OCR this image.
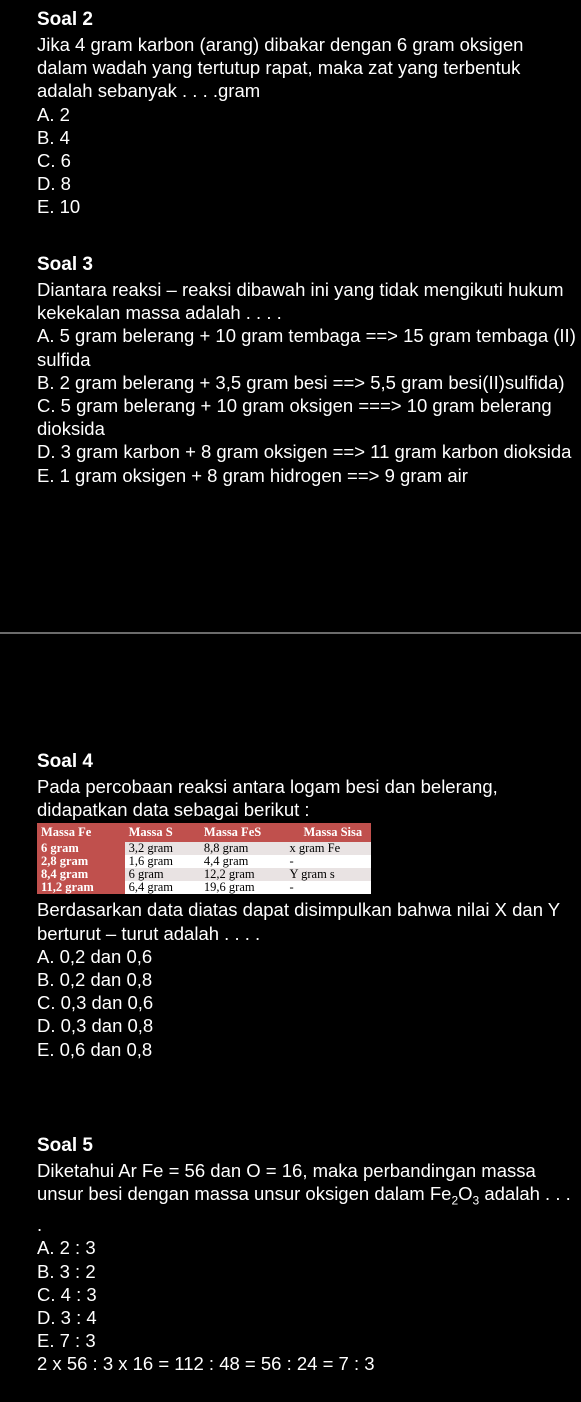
Soal 2

Jika 4 gram karbon (arang) dibakar dengan 6 gram oksigen dalam wadah yang tertutup rapat, maka zat yang terbentuk adalah sebanyak . . . .gram

A. 2

B. 4

C. 6

D. 8

E. 10

Soal 3

Diantara reaksi – reaksi dibawah ini yang tidak mengikuti hukum kekekalan massa adalah . . . .

A. 5 gram belerang + 10 gram tembaga ==> 15 gram tembaga (II) sulfida

B. 2 gram belerang + 3,5 gram besi ==> 5,5 gram besi(II)sulfida)

C. 5 gram belerang + 10 gram oksigen ===> 10 gram belerang dioksida

D. 3 gram karbon + 8 gram oksigen ==> 11 gram karbon dioksida

E. 1 gram oksigen + 8 gram hidrogen ==> 9 gram air

Soal 4

Pada percobaan reaksi antara logam besi dan belerang, didapatkan data sebagai berikut :

Massa Fe	Massa S	Massa FeS	Massa Sisa
6 gram	3,2 gram	8,8 gram	x gram Fe
2,8 gram	1,6 gram	4,4 gram	-
8,4 gram	6 gram	12,2 gram	Y gram s
11,2 gram	6,4 gram	19,6 gram	-

Berdasarkan data diatas dapat disimpulkan bahwa nilai X dan Y berturut – turut adalah . . . .

A. 0,2 dan 0,6

B. 0,2 dan 0,8

C. 0,3 dan 0,6

D. 0,3 dan 0,8

E. 0,6 dan 0,8

Soal 5

Diketahui Ar Fe = 56 dan O = 16, maka perbandingan massa unsur besi dengan massa unsur oksigen dalam $Fe_2O_3$ adalah . . . .

A. 2 : 3

B. 3 : 2

C. 4 : 3

D. 3 : 4

E. 7 : 3

2 x 56 : 3 x 16 = 112 : 48 = 56 : 24 = 7 : 3
